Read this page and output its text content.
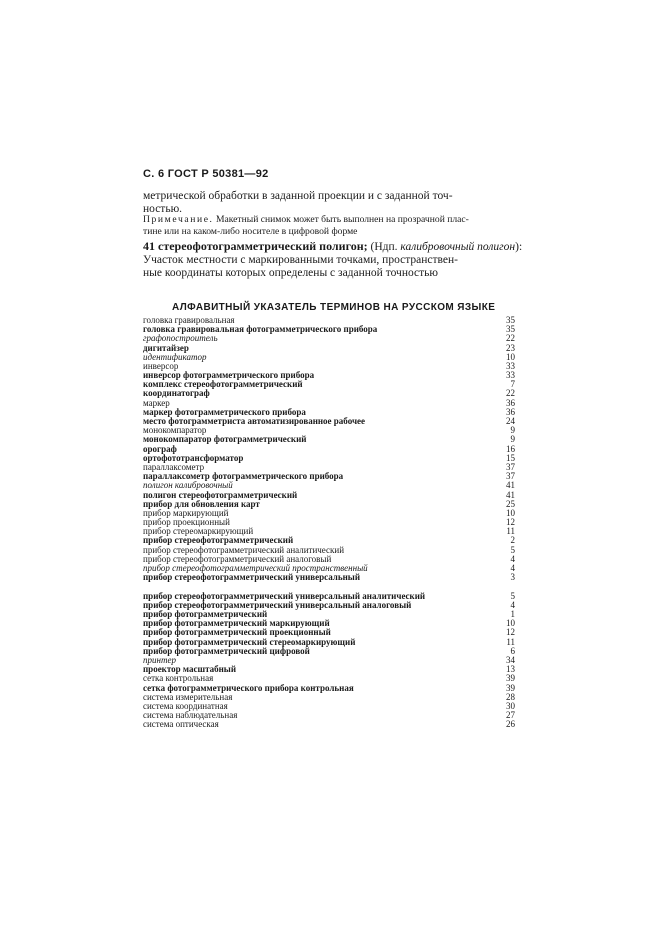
С. 6 ГОСТ Р 50381—92
метрической обработки в заданной проекции и с заданной точ-
ностью.
Примечание. Макетный снимок может быть выполнен на прозрачной плас-
тине или на каком-либо носителе в цифровой форме
41 стереофотограмметрический полигон; (Ндп. калибровочный полигон):
Участок местности с маркированными точками, пространствен-
ные координаты которых определены с заданной точностью
АЛФАВИТНЫЙ УКАЗАТЕЛЬ ТЕРМИНОВ НА РУССКОМ ЯЗЫКЕ
головка гравировальная	35
головка гравировальная фотограмметрического прибора	35
графопостроитель	22
дигитайзер	23
идентификатор	10
инверсор	33
инверсор фотограмметрического прибора	33
комплекс стереофотограмметрический	7
координатограф	22
маркер	36
маркер фотограмметрического прибора	36
место фотограмметриста автоматизированное рабочее	24
монокомпаратор	9
монокомпаратор фотограмметрический	9
орограф	16
ортофототрансформатор	15
параллаксометр	37
параллаксометр фотограмметрического прибора	37
полигон калибровочный	41
полигон стереофотограмметрический	41
прибор для обновления карт	25
прибор маркирующий	10
прибор проекционный	12
прибор стереомаркирующий	11
прибор стереофотограмметрический	2
прибор стереофотограмметрический аналитический	5
прибор стереофотограмметрический аналоговый	4
прибор стереофотограмметрический пространственный	4
прибор стереофотограмметрический универсальный	3
прибор стереофотограмметрический универсальный аналитический	5
прибор стереофотограмметрический универсальный аналоговый	4
прибор фотограмметрический	1
прибор фотограмметрический маркирующий	10
прибор фотограмметрический проекционный	12
прибор фотограмметрический стереомаркирующий	11
прибор фотограмметрический цифровой	6
принтер	34
проектор масштабный	13
сетка контрольная	39
сетка фотограмметрического прибора контрольная	39
система измерительная	28
система координатная	30
система наблюдательная	27
система оптическая	26
